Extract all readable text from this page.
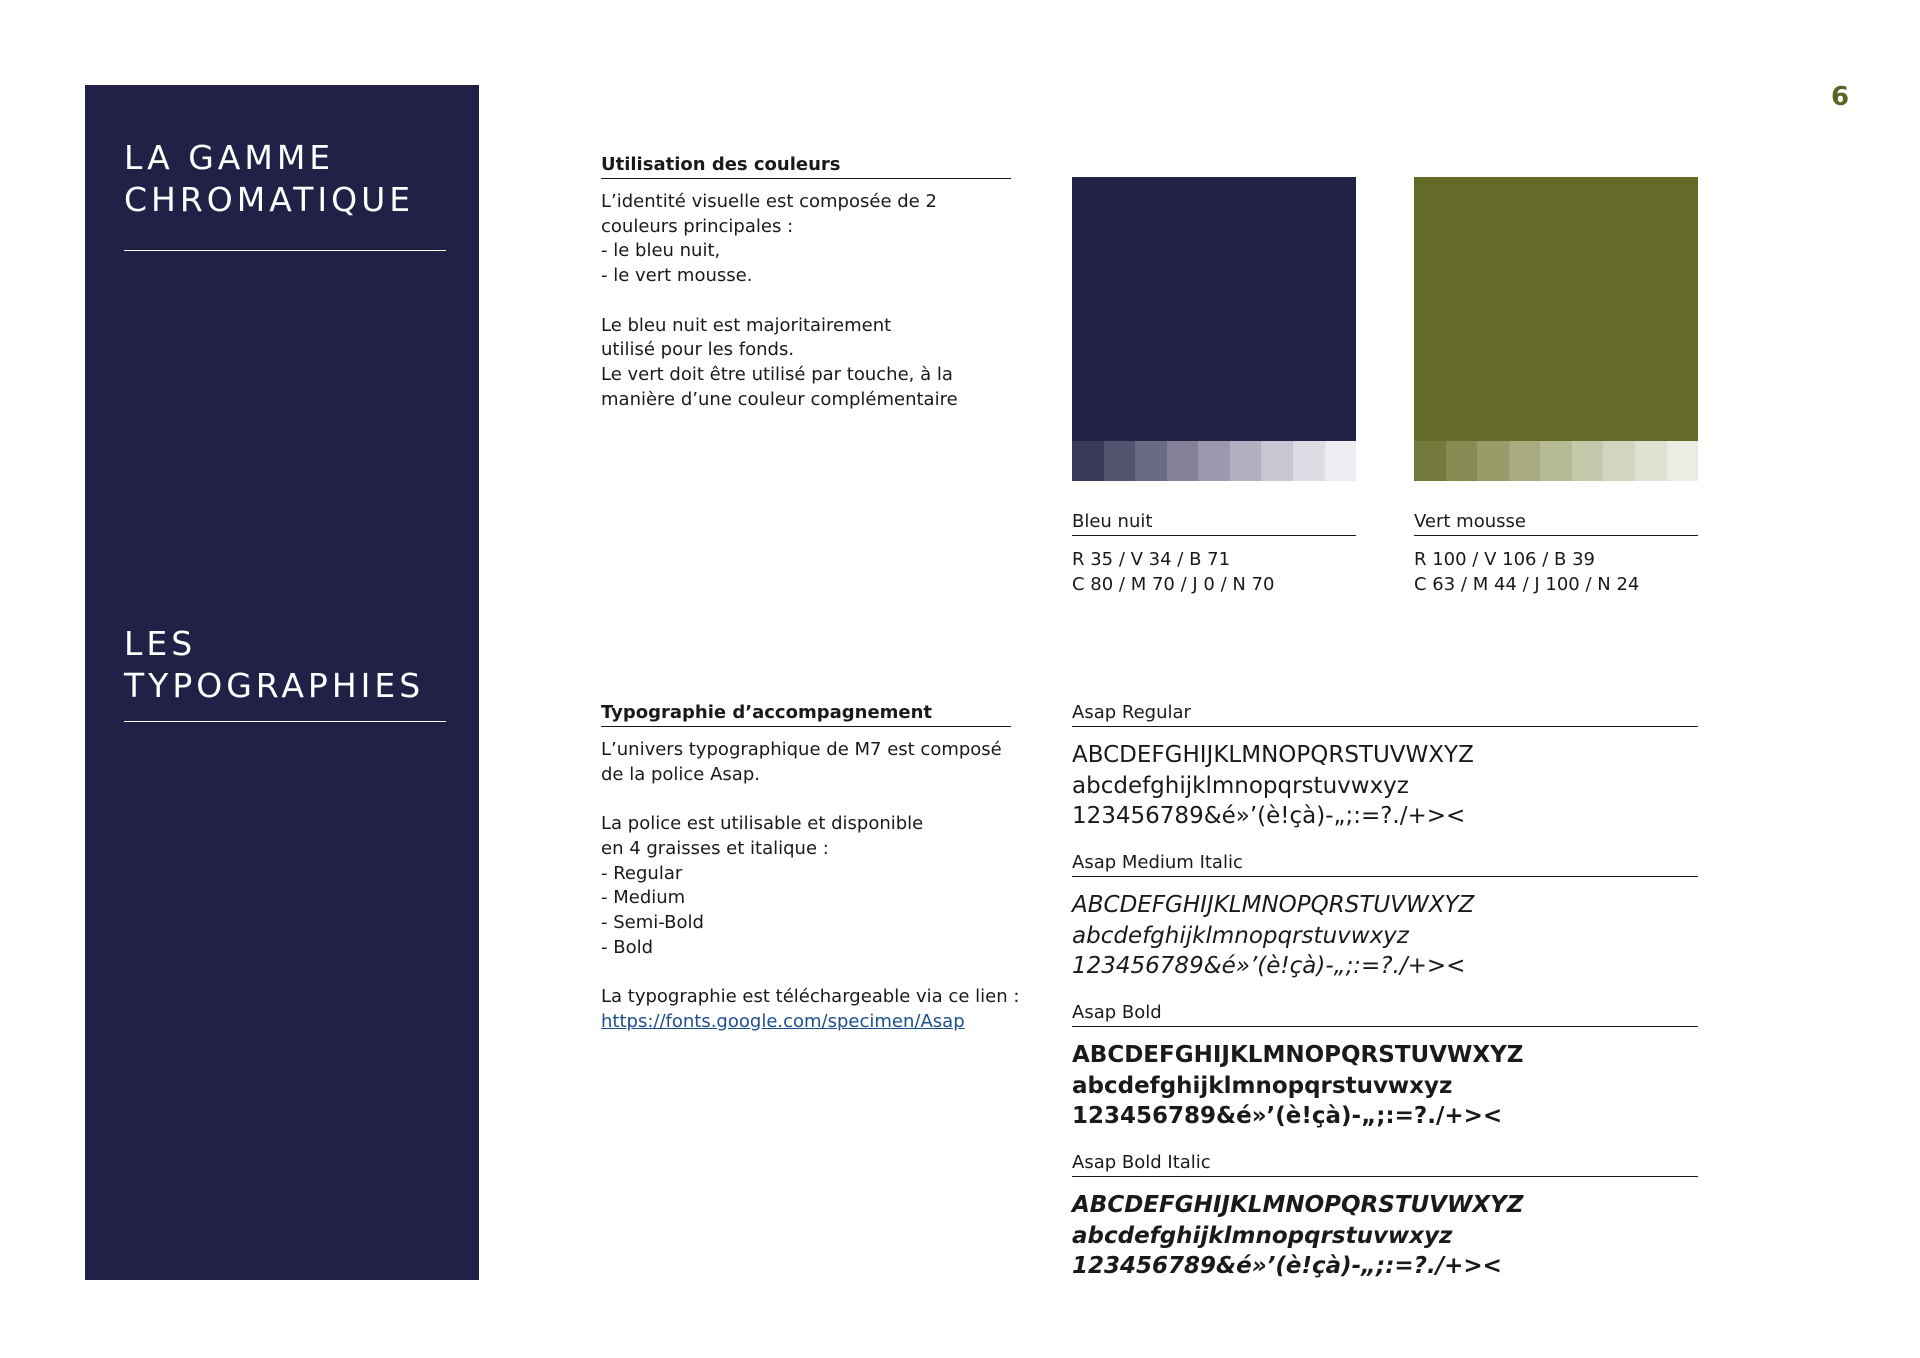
6
LA GAMME
CHROMATIQUE
LES
TYPOGRAPHIES
Utilisation des couleurs
L’identité visuelle est composée de 2
couleurs principales :
- le bleu nuit,
- le vert mousse.
Le bleu nuit est majoritairement
utilisé pour les fonds.
Le vert doit être utilisé par touche, à la
manière d’une couleur complémentaire
Bleu nuit
R 35 / V 34 / B 71
C 80 / M 70 / J 0 / N 70
Vert mousse
R 100 / V 106 / B 39
C 63 / M 44 / J 100 / N 24
Typographie d’accompagnement
L’univers typographique de M7 est composé
de la police Asap.
La police est utilisable et disponible
en 4 graisses et italique :
- Regular
- Medium
- Semi-Bold
- Bold
La typographie est téléchargeable via ce lien :
https://fonts.google.com/specimen/Asap
Asap Regular
ABCDEFGHIJKLMNOPQRSTUVWXYZ
abcdefghijklmnopqrstuvwxyz
123456789&é»’(è!çà)-„;:=?./+><
Asap Medium Italic
ABCDEFGHIJKLMNOPQRSTUVWXYZ
abcdefghijklmnopqrstuvwxyz
123456789&é»’(è!çà)-„;:=?./+><
Asap Bold
ABCDEFGHIJKLMNOPQRSTUVWXYZ
abcdefghijklmnopqrstuvwxyz
123456789&é»’(è!çà)-„;:=?./+><
Asap Bold Italic
ABCDEFGHIJKLMNOPQRSTUVWXYZ
abcdefghijklmnopqrstuvwxyz
123456789&é»’(è!çà)-„;:=?./+><
